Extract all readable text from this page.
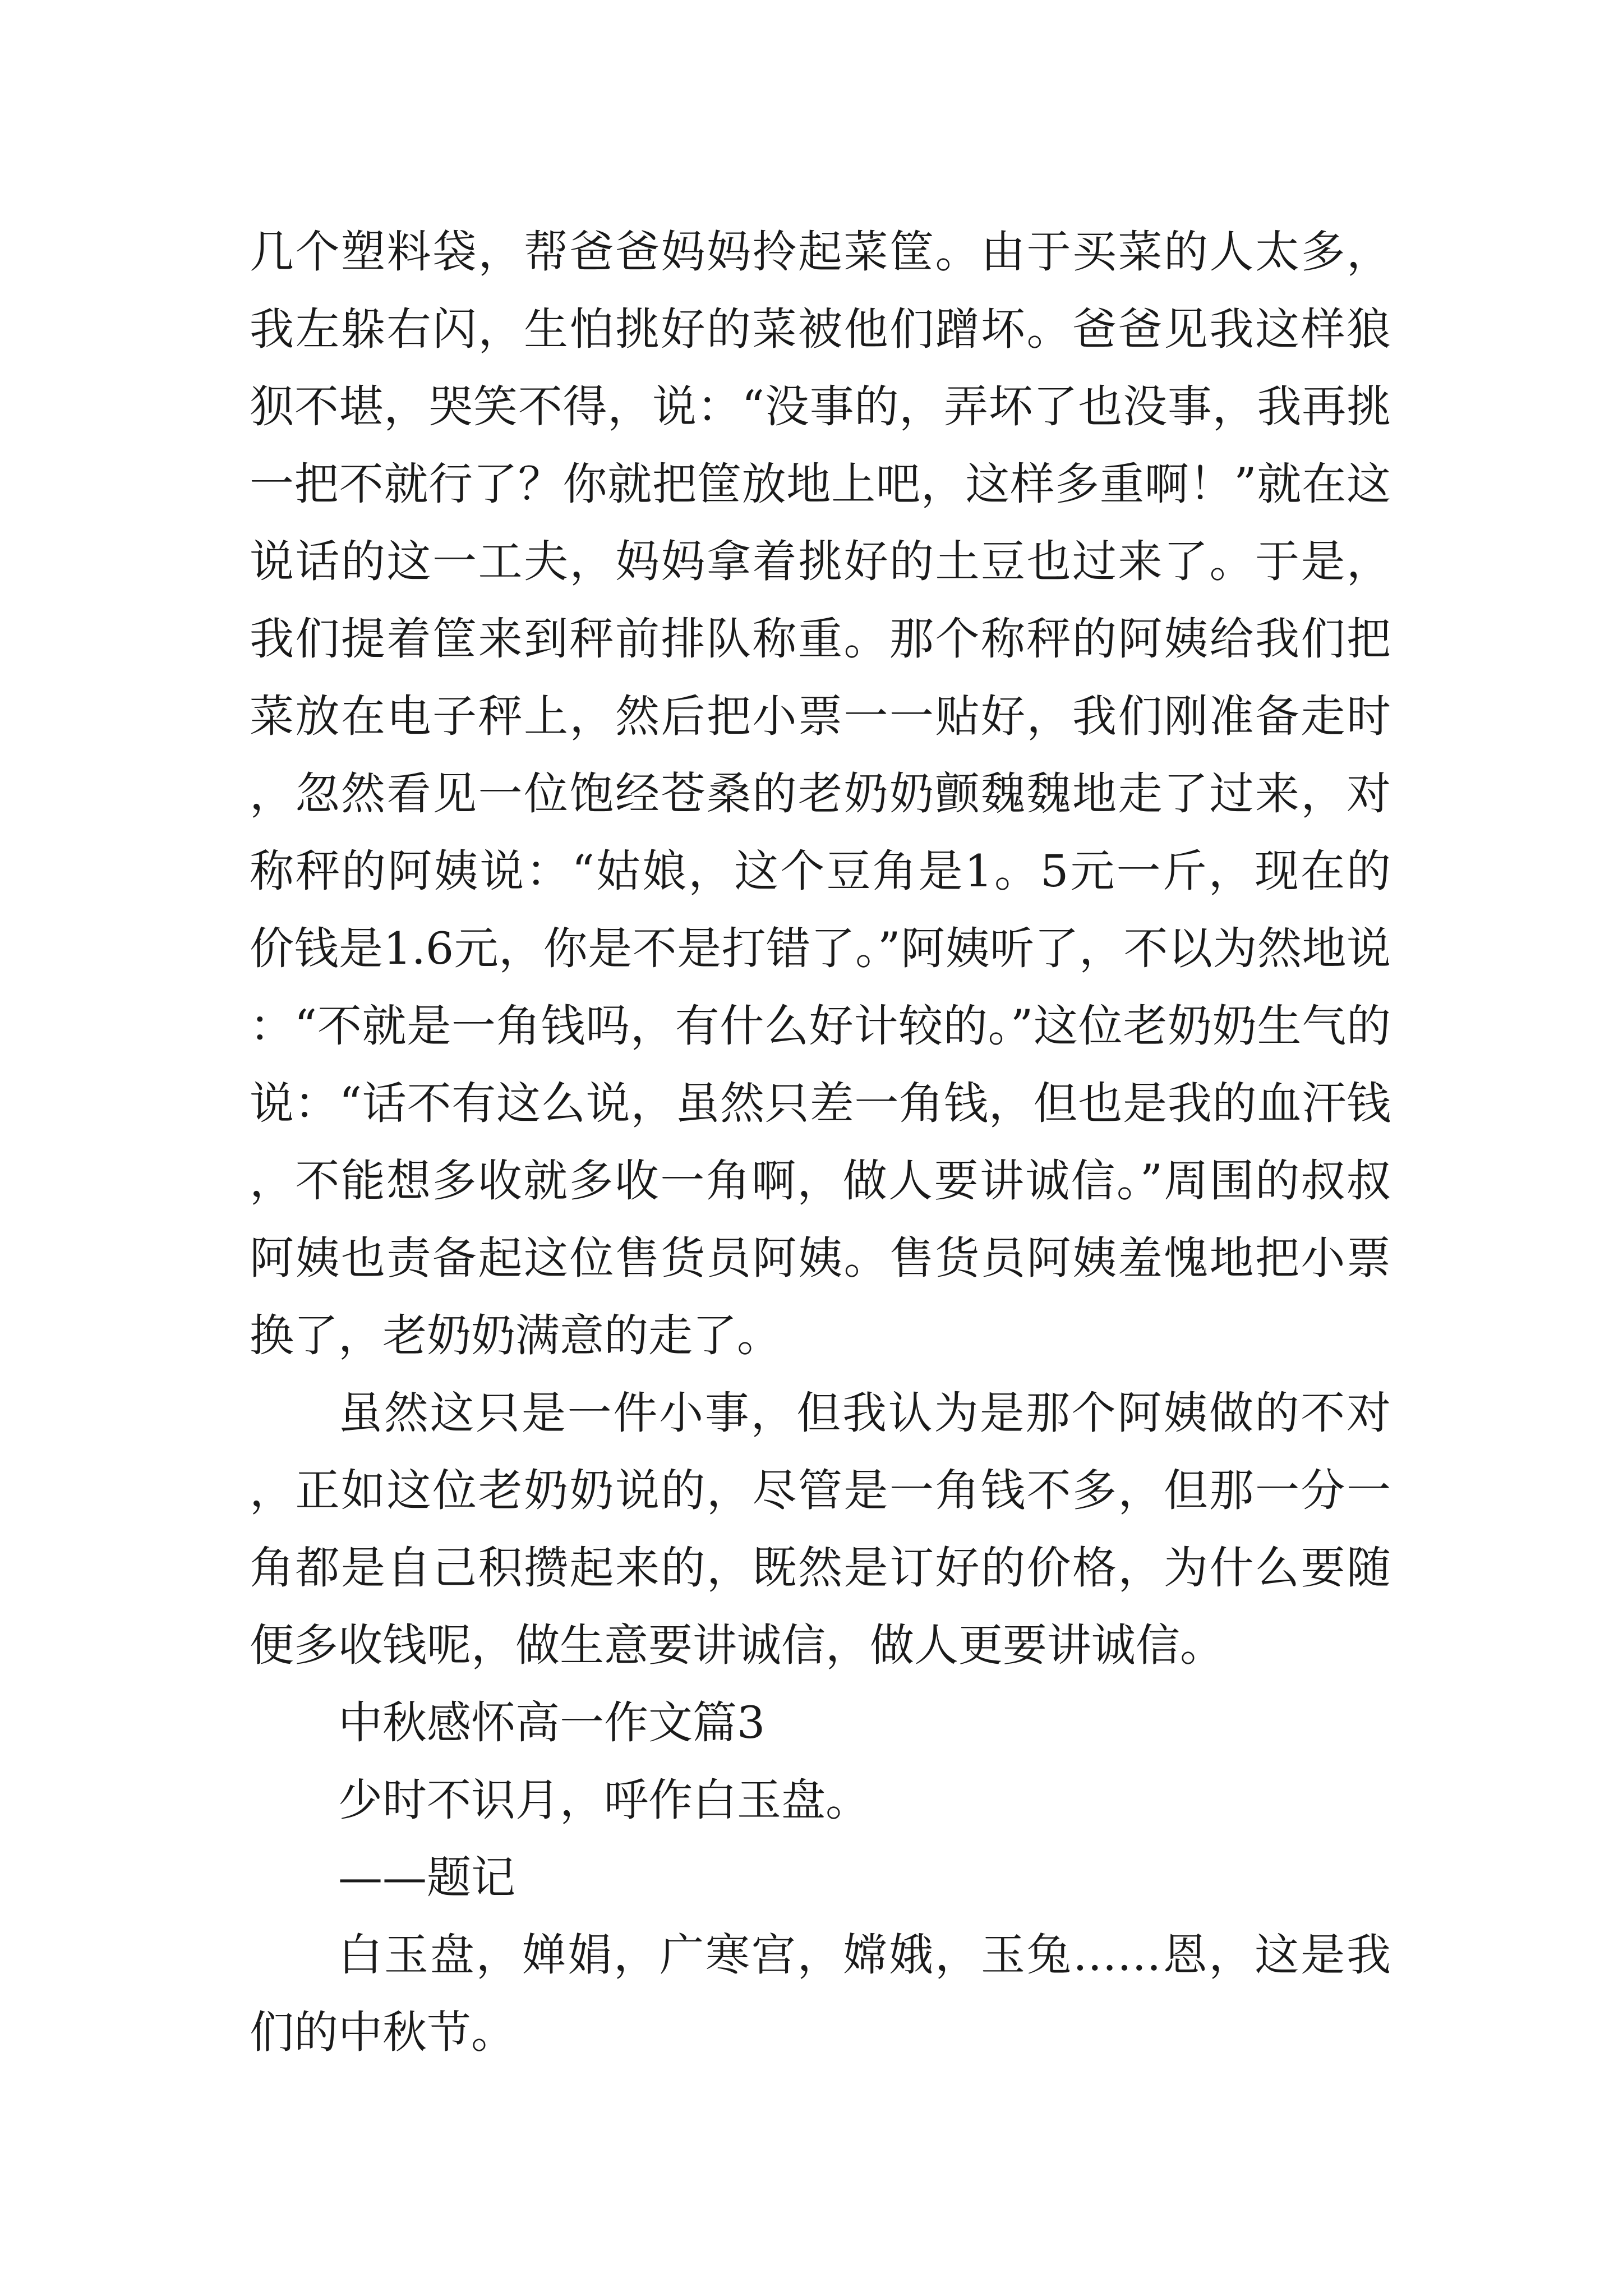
几个塑料袋，帮爸爸妈妈拎起菜筐。由于买菜的人太多，我左躲右闪，生怕挑好的菜被他们蹭坏。爸爸见我这样狼狈不堪，哭笑不得，说：“没事的，弄坏了也没事，我再挑一把不就行了？你就把筐放地上吧，这样多重啊！”就在这说话的这一工夫，妈妈拿着挑好的土豆也过来了。于是，我们提着筐来到秤前排队称重。那个称秤的阿姨给我们把菜放在电子秤上，然后把小票一一贴好，我们刚准备走时，忽然看见一位饱经苍桑的老奶奶颤魏魏地走了过来，对称秤的阿姨说：“姑娘，这个豆角是1。5元一斤，现在的价钱是1.6元，你是不是打错了。”阿姨听了，不以为然地说：“不就是一角钱吗，有什么好计较的。”这位老奶奶生气的说：“话不有这么说，虽然只差一角钱，但也是我的血汗钱，不能想多收就多收一角啊，做人要讲诚信。”周围的叔叔阿姨也责备起这位售货员阿姨。售货员阿姨羞愧地把小票换了，老奶奶满意的走了。

虽然这只是一件小事，但我认为是那个阿姨做的不对，正如这位老奶奶说的，尽管是一角钱不多，但那一分一角都是自己积攒起来的，既然是订好的价格，为什么要随便多收钱呢，做生意要讲诚信，做人更要讲诚信。

中秋感怀高一作文篇3

少时不识月，呼作白玉盘。

——题记

白玉盘，婵娟，广寒宫，嫦娥，玉兔……恩，这是我们的中秋节。
